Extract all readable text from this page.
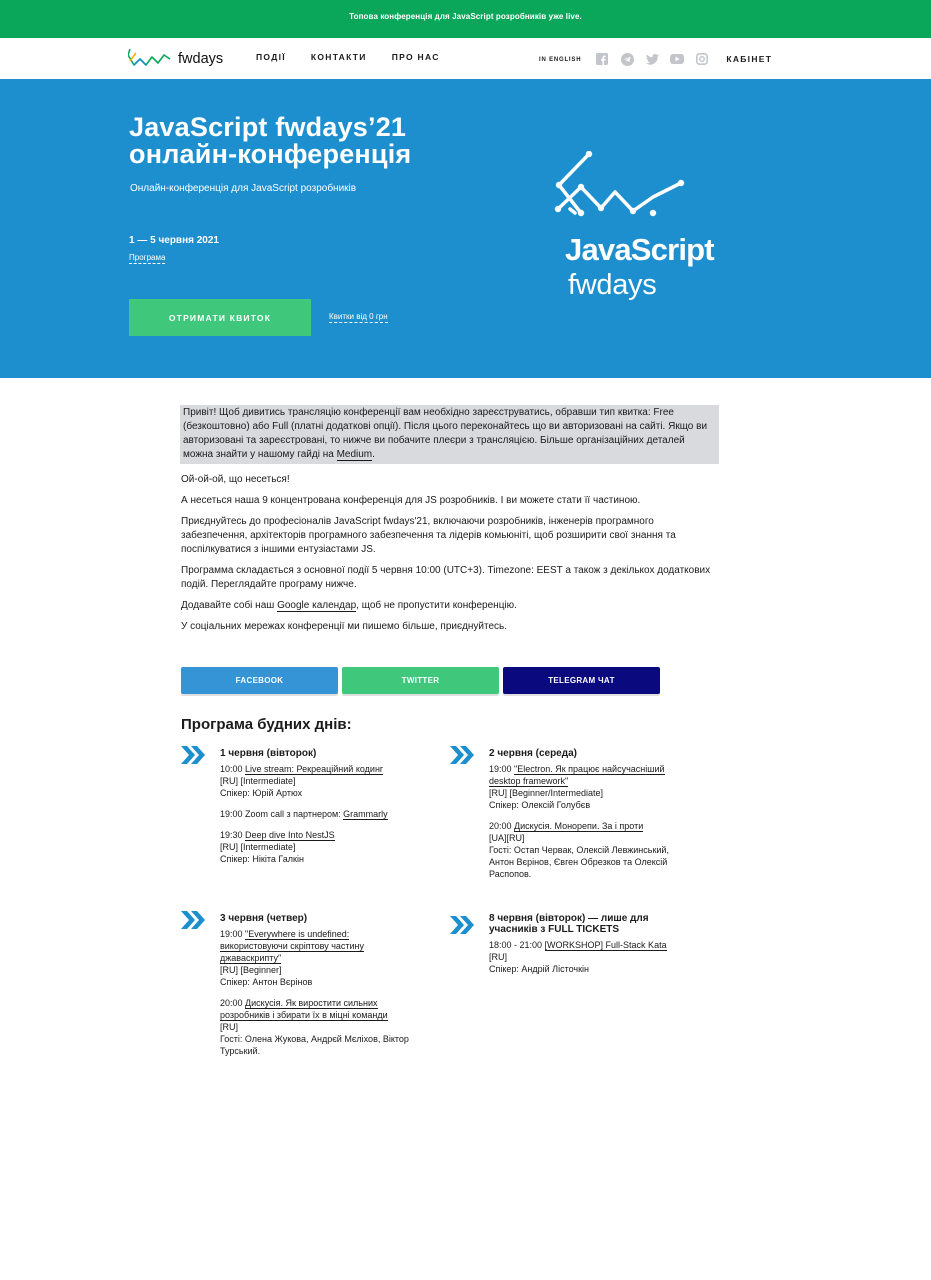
Топова конференція для JavaScript розробників уже live.
fwdays	ПОДІЇ	КОНТАКТИ	ПРО НАС	IN ENGLISH	КАБІНЕТ
JavaScript fwdays’21
онлайн-конференція
Онлайн-конференція для JavaScript розробників
1 — 5 червня 2021
Програма
ОТРИМАТИ КВИТОК	Квитки від 0 грн
JavaScript
fwdays
Привіт! Щоб дивитись трансляцію конференції вам необхідно зареєструватись, обравши тип квитка: Free (безкоштовно) або Full (платні додаткові опції). Після цього переконайтесь що ви авторизовані на сайті. Якщо ви авторизовані та зареєстровані, то нижче ви побачите плеєри з трансляцією. Більше організаційних деталей можна знайти у нашому гайді на Medium.

Ой-ой-ой, що несеться!

А несеться наша 9 концентрована конференція для JS розробників. І ви можете стати її частиною.

Приєднуйтесь до професіоналів JavaScript fwdays'21, включаючи розробників, інженерів програмного забезпечення, архітекторів програмного забезпечення та лідерів комьюніті, щоб розширити свої знання та поспілкуватися з іншими ентузіастами JS.

Программа складається з основної події 5 червня 10:00 (UTC+3). Timezone: EEST а також з декількох додаткових подій. Переглядайте програму нижче.

Додавайте собі наш Google календар, щоб не пропустити конференцію.

У соціальних мережах конференції ми пишемо більше, приєднуйтесь.

FACEBOOK	TWITTER	TELEGRAM ЧАТ
Програма будних днів:
1 червня (вівторок)
10:00 Live stream: Рекреаційний кодинг
[RU] [Intermediate]
Спікер: Юрій Артюх
19:00 Zoom call з партнером: Grammarly
19:30 Deep dive Into NestJS
[RU] [Intermediate]
Спікер: Нікіта Галкін
2 червня (середа)
19:00 "Electron. Як працює найсучасніший desktop framework"
[RU] [Beginner/Intermediate]
Спікер: Олексій Голубєв
20:00 Дискусія. Монорепи. За і проти
[UA][RU]
Гості: Остап Червак, Олексій Левжинський, Антон Вєрінов, Євген Обрезков та Олексій Распопов.
3 червня (четвер)
19:00 "Everywhere is undefined: використовуючи скріптову частину джаваскрипту"
[RU] [Beginner]
Спікер: Антон Вєрінов
20:00 Дискусія. Як виростити сильних розробників і збирати їх в міцні команди
[RU]
Гості: Олена Жукова, Андрєй Мєліхов, Віктор Турський.
8 червня (вівторок) — лише для учасників з FULL TICKETS
18:00 - 21:00 [WORKSHOP] Full-Stack Kata [RU]
Спікер: Андрій Лісточкін
